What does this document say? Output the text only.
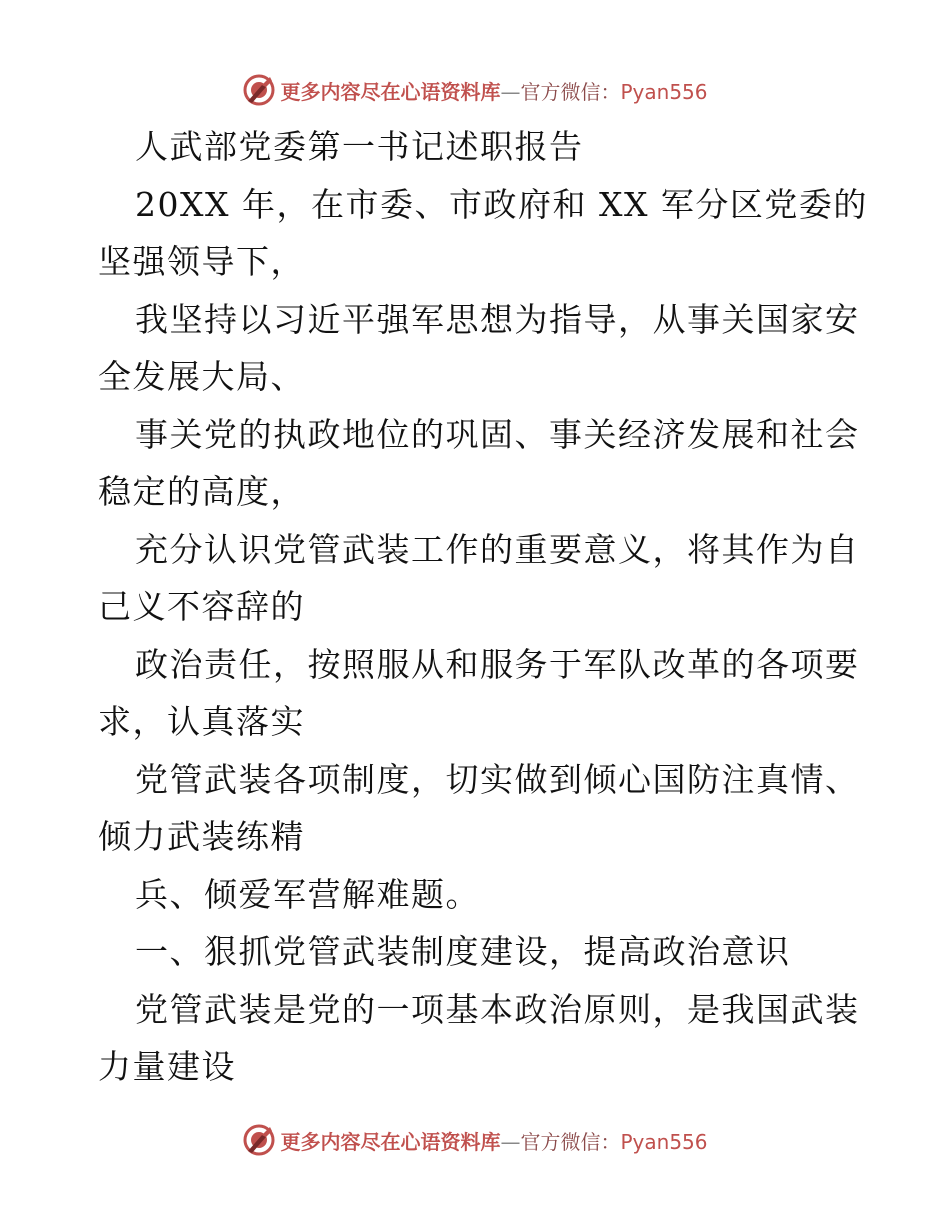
更多内容尽在心语资料库—官方微信：Pyan556
人武部党委第一书记述职报告
20XX 年，在市委、市政府和 XX 军分区党委的
坚强领导下，
我坚持以习近平强军思想为指导，从事关国家安
全发展大局、
事关党的执政地位的巩固、事关经济发展和社会
稳定的高度，
充分认识党管武装工作的重要意义，将其作为自
己义不容辞的
政治责任，按照服从和服务于军队改革的各项要
求，认真落实
党管武装各项制度，切实做到倾心国防注真情、
倾力武装练精
兵、倾爱军营解难题。
一、狠抓党管武装制度建设，提高政治意识
党管武装是党的一项基本政治原则，是我国武装
力量建设
更多内容尽在心语资料库—官方微信：Pyan556
